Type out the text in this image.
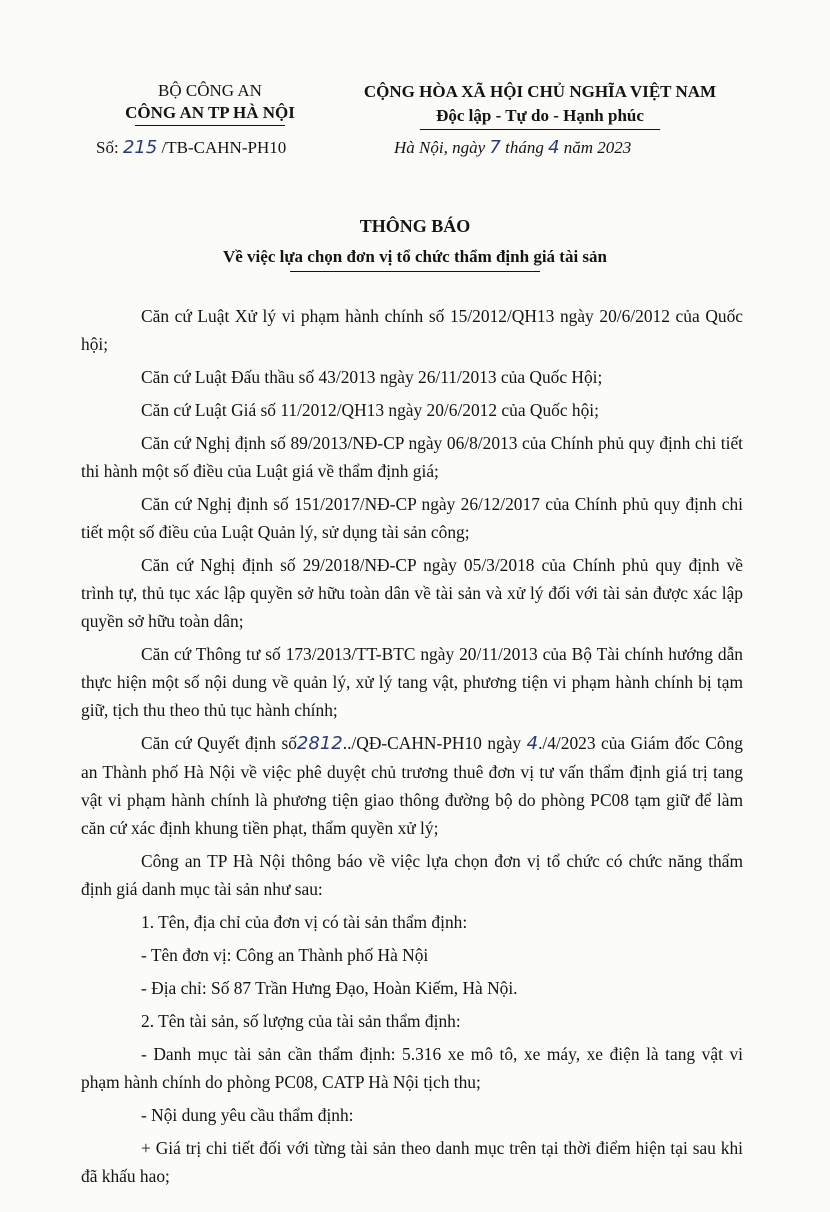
BỘ CÔNG AN
CÔNG AN TP HÀ NỘI
CỘNG HÒA XÃ HỘI CHỦ NGHĨA VIỆT NAM
Độc lập - Tự do - Hạnh phúc
Số: 215 /TB-CAHN-PH10	Hà Nội, ngày 7 tháng 4 năm 2023
THÔNG BÁO
Về việc lựa chọn đơn vị tổ chức thẩm định giá tài sản

Căn cứ Luật Xử lý vi phạm hành chính số 15/2012/QH13 ngày 20/6/2012 của Quốc hội;

Căn cứ Luật Đấu thầu số 43/2013 ngày 26/11/2013 của Quốc Hội;

Căn cứ Luật Giá số 11/2012/QH13 ngày 20/6/2012 của Quốc hội;

Căn cứ Nghị định số 89/2013/NĐ-CP ngày 06/8/2013 của Chính phủ quy định chi tiết thi hành một số điều của Luật giá về thẩm định giá;

Căn cứ Nghị định số 151/2017/NĐ-CP ngày 26/12/2017 của Chính phủ quy định chi tiết một số điều của Luật Quản lý, sử dụng tài sản công;

Căn cứ Nghị định số 29/2018/NĐ-CP ngày 05/3/2018 của Chính phủ quy định về trình tự, thủ tục xác lập quyền sở hữu toàn dân về tài sản và xử lý đối với tài sản được xác lập quyền sở hữu toàn dân;

Căn cứ Thông tư số 173/2013/TT-BTC ngày 20/11/2013 của Bộ Tài chính hướng dẫn thực hiện một số nội dung về quản lý, xử lý tang vật, phương tiện vi phạm hành chính bị tạm giữ, tịch thu theo thủ tục hành chính;

Căn cứ Quyết định số2812../QĐ-CAHN-PH10 ngày 4./4/2023 của Giám đốc Công an Thành phố Hà Nội về việc phê duyệt chủ trương thuê đơn vị tư vấn thẩm định giá trị tang vật vi phạm hành chính là phương tiện giao thông đường bộ do phòng PC08 tạm giữ để làm căn cứ xác định khung tiền phạt, thẩm quyền xử lý;

Công an TP Hà Nội thông báo về việc lựa chọn đơn vị tổ chức có chức năng thẩm định giá danh mục tài sản như sau:

1. Tên, địa chỉ của đơn vị có tài sản thẩm định:

- Tên đơn vị: Công an Thành phố Hà Nội

- Địa chỉ: Số 87 Trần Hưng Đạo, Hoàn Kiếm, Hà Nội.

2. Tên tài sản, số lượng của tài sản thẩm định:

- Danh mục tài sản cần thẩm định: 5.316 xe mô tô, xe máy, xe điện là tang vật vi phạm hành chính do phòng PC08, CATP Hà Nội tịch thu;

- Nội dung yêu cầu thẩm định:

+ Giá trị chi tiết đối với từng tài sản theo danh mục trên tại thời điểm hiện tại sau khi đã khấu hao;
